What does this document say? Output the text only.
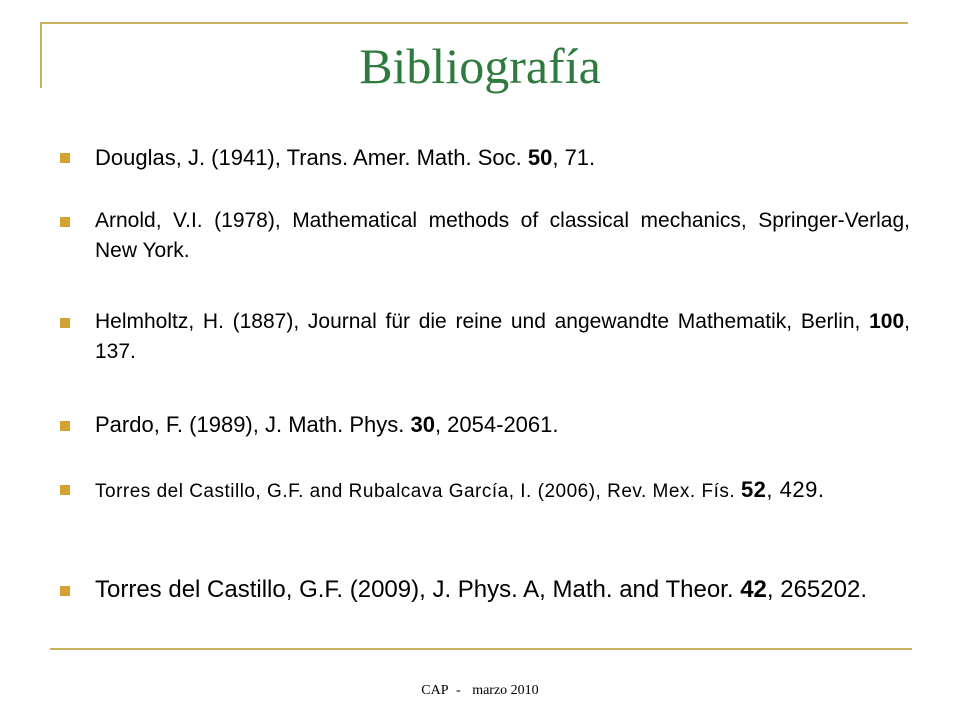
Bibliografía

Douglas, J. (1941), Trans. Amer. Math. Soc. 50, 71.

Arnold, V.I. (1978), Mathematical methods of classical mechanics, Springer-Verlag, New York.

Helmholtz, H. (1887), Journal für die reine und angewandte Mathematik, Berlin, 100, 137.

Pardo, F. (1989), J. Math. Phys. 30, 2054-2061.

Torres del Castillo, G.F. and Rubalcava García, I. (2006), Rev. Mex. Fís. 52, 429.

Torres del Castillo, G.F. (2009), J. Phys. A, Math. and Theor. 42, 265202.

CAP - marzo 2010
